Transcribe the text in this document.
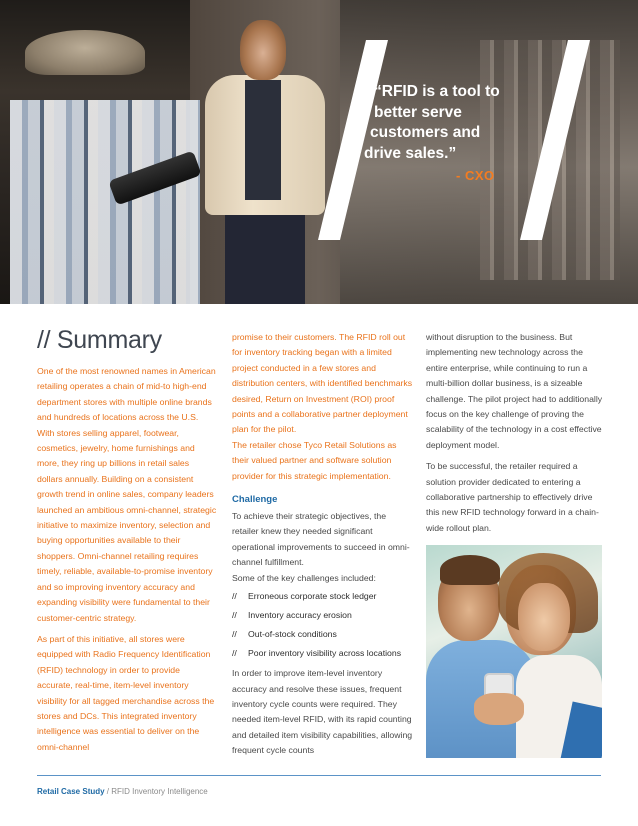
“RFID is a tool to
better serve
customers and
drive sales.”
- CXO
// Summary

One of the most renowned names in American retailing operates a chain of mid-to high-end department stores with multiple online brands and hundreds of locations across the U.S. With stores selling apparel, footwear, cosmetics, jewelry, home furnishings and more, they ring up billions in retail sales dollars annually. Building on a consistent growth trend in online sales, company leaders launched an ambitious omni-channel, strategic initiative to maximize inventory, selection and buying opportunities available to their shoppers. Omni-channel retailing requires timely, reliable, available-to-promise inventory and so improving inventory accuracy and expanding visibility were fundamental to their customer-centric strategy.

As part of this initiative, all stores were equipped with Radio Frequency Identification (RFID) technology in order to provide accurate, real-time, item-level inventory visibility for all tagged merchandise across the stores and DCs. This integrated inventory intelligence was essential to deliver on the omni-channel

promise to their customers. The RFID roll out for inventory tracking began with a limited project conducted in a few stores and distribution centers, with identified benchmarks desired, Return on Investment (ROI) proof points and a collaborative partner deployment plan for the pilot.

The retailer chose Tyco Retail Solutions as their valued partner and software solution provider for this strategic implementation.

Challenge

To achieve their strategic objectives, the retailer knew they needed significant operational improvements to succeed in omni-channel fulfillment.

Some of the key challenges included:

//	Erroneous corporate stock ledger
//	Inventory accuracy erosion
//	Out-of-stock conditions
//	Poor inventory visibility across locations

In order to improve item-level inventory accuracy and resolve these issues, frequent inventory cycle counts were required. They needed item-level RFID, with its rapid counting and detailed item visibility capabilities, allowing frequent cycle counts

without disruption to the business. But implementing new technology across the entire enterprise, while continuing to run a multi-billion dollar business, is a sizeable challenge. The pilot project had to additionally focus on the key challenge of proving the scalability of the technology in a cost effective deployment model.

To be successful, the retailer required a solution provider dedicated to entering a collaborative partnership to effectively drive this new RFID technology forward in a chain-wide rollout plan.

Retail Case Study / RFID Inventory Intelligence
